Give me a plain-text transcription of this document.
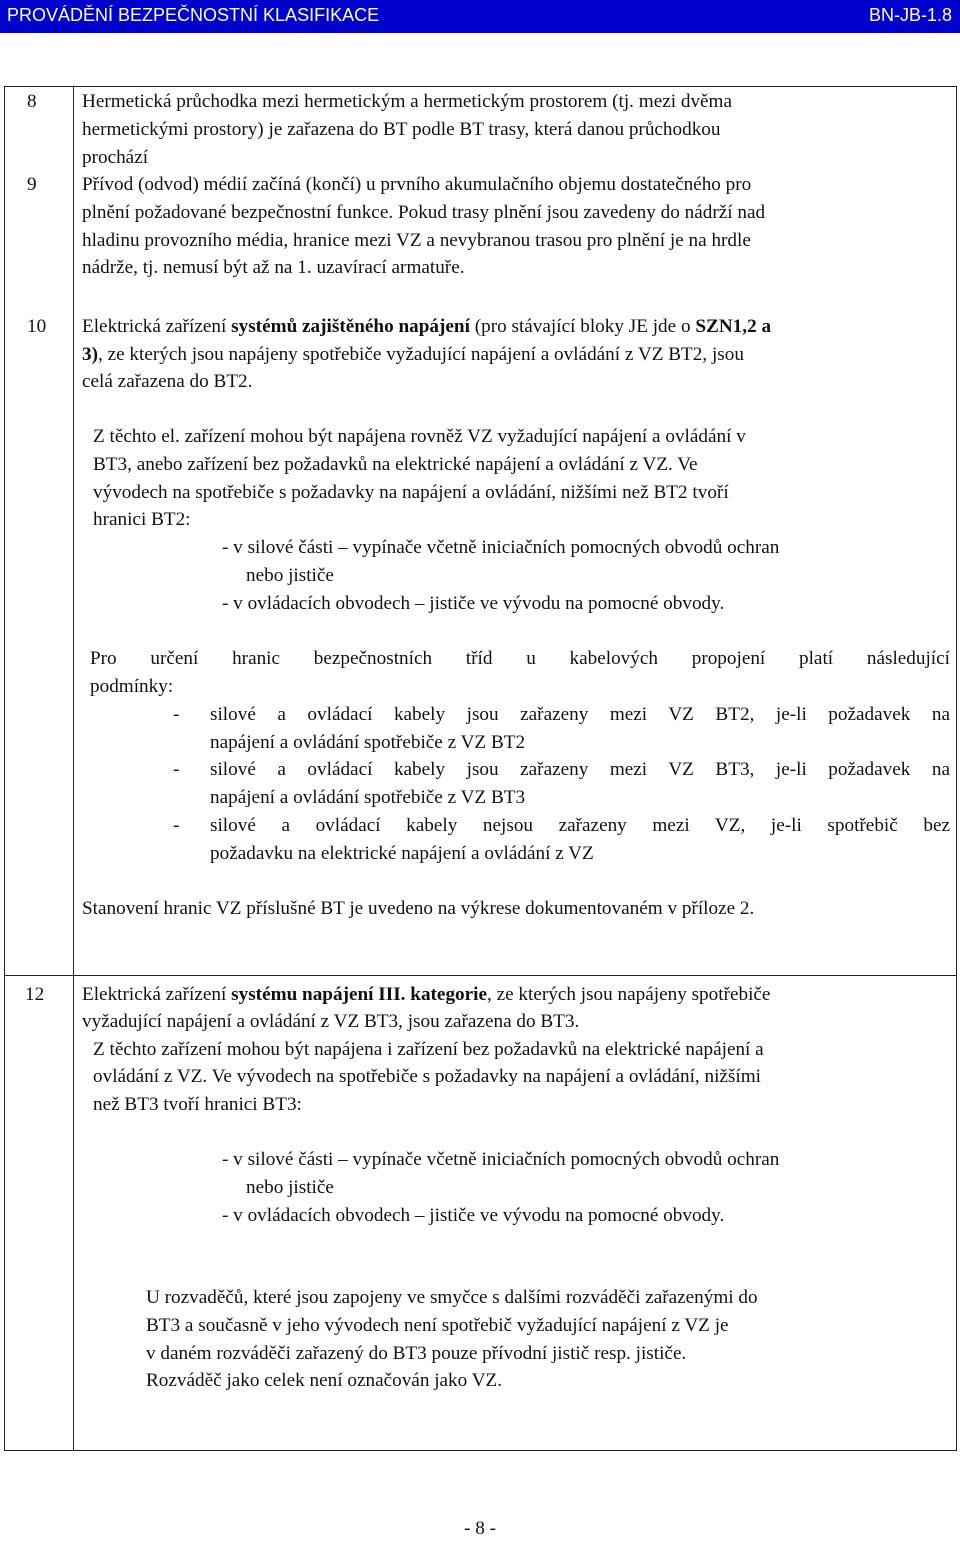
PROVÁDĚNÍ BEZPEČNOSTNÍ KLASIFIKACE	BN-JB-1.8
8 Hermetická průchodka mezi hermetickým a hermetickým prostorem (tj. mezi dvěma
hermetickými prostory) je zařazena do BT podle BT trasy, která danou průchodkou
prochází
9 Přívod (odvod) médií začíná (končí) u prvního akumulačního objemu dostatečného pro
plnění požadované bezpečnostní funkce. Pokud trasy plnění jsou zavedeny do nádrží nad
hladinu provozního média, hranice mezi VZ a nevybranou trasou pro plnění je na hrdle
nádrže, tj. nemusí být až na 1. uzavírací armatuře.
10 Elektrická zařízení systémů zajištěného napájení (pro stávající bloky JE jde o SZN1,2 a
3), ze kterých jsou napájeny spotřebiče vyžadující napájení a ovládání z VZ BT2, jsou
celá zařazena do BT2.
Z těchto el. zařízení mohou být napájena rovněž VZ vyžadující napájení a ovládání v
BT3, anebo zařízení bez požadavků na elektrické napájení a ovládání z VZ. Ve
vývodech na spotřebiče s požadavky na napájení a ovládání, nižšími než BT2 tvoří
hranici BT2:
- v silové části – vypínače včetně iniciačních pomocných obvodů ochran
nebo jističe
- v ovládacích obvodech – jističe ve vývodu na pomocné obvody.
Pro určení hranic bezpečnostních tříd u kabelových propojení platí následující
podmínky:
- silové a ovládací kabely jsou zařazeny mezi VZ BT2, je-li požadavek na
napájení a ovládání spotřebiče z VZ BT2
- silové a ovládací kabely jsou zařazeny mezi VZ BT3, je-li požadavek na
napájení a ovládání spotřebiče z VZ BT3
- silové a ovládací kabely nejsou zařazeny mezi VZ, je-li spotřebič bez
požadavku na elektrické napájení a ovládání z VZ
Stanovení hranic VZ příslušné BT je uvedeno na výkrese dokumentovaném v příloze 2.
12 Elektrická zařízení systému napájení III. kategorie, ze kterých jsou napájeny spotřebiče
vyžadující napájení a ovládání z VZ BT3, jsou zařazena do BT3.
Z těchto zařízení mohou být napájena i zařízení bez požadavků na elektrické napájení a
ovládání z VZ. Ve vývodech na spotřebiče s požadavky na napájení a ovládání, nižšími
než BT3 tvoří hranici BT3:
- v silové části – vypínače včetně iniciačních pomocných obvodů ochran
nebo jističe
- v ovládacích obvodech – jističe ve vývodu na pomocné obvody.
U rozvaděčů, které jsou zapojeny ve smyčce s dalšími rozváděči zařazenými do
BT3 a současně v jeho vývodech není spotřebič vyžadující napájení z VZ je
v daném rozváděči zařazený do BT3 pouze přívodní jistič resp. jističe.
Rozváděč jako celek není označován jako VZ.
- 8 -
